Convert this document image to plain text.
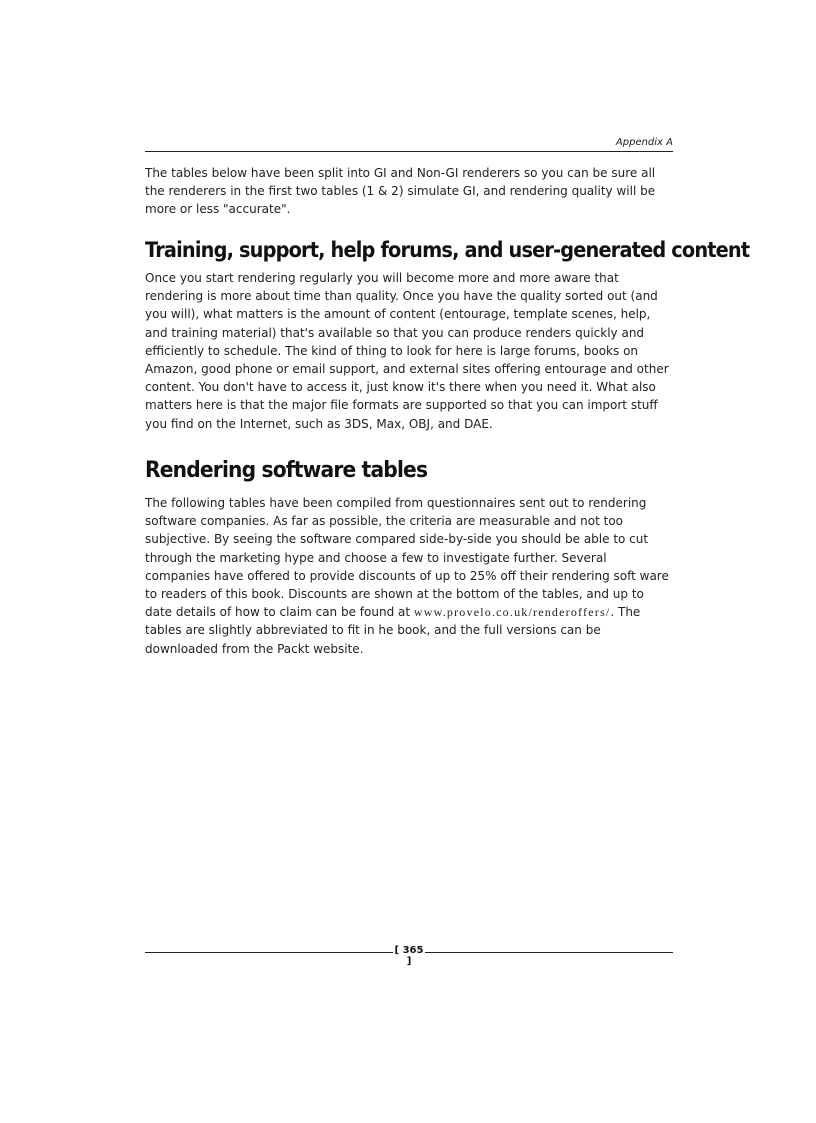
Appendix A

The tables below have been split into GI and Non-GI renderers so you can be sure all the renderers in the first two tables (1 & 2) simulate GI, and rendering quality will be more or less "accurate".

Training, support, help forums, and user-generated content

Once you start rendering regularly you will become more and more aware that rendering is more about time than quality. Once you have the quality sorted out (and you will), what matters is the amount of content (entourage, template scenes, help, and training material) that's available so that you can produce renders quickly and efficiently to schedule. The kind of thing to look for here is large forums, books on Amazon, good phone or email support, and external sites offering entourage and other content. You don't have to access it, just know it's there when you need it. What also matters here is that the major file formats are supported so that you can import stuff you find on the Internet, such as 3DS, Max, OBJ, and DAE.

Rendering software tables

The following tables have been compiled from questionnaires sent out to rendering software companies. As far as possible, the criteria are measurable and not too subjective. By seeing the software compared side-by-side you should be able to cut through the marketing hype and choose a few to investigate further. Several companies have offered to provide discounts of up to 25% off their rendering soft ware to readers of this book. Discounts are shown at the bottom of the tables, and up to date details of how to claim can be found at www.provelo.co.uk/renderoffers/. The tables are slightly abbreviated to fit in he book, and the full versions can be downloaded from the Packt website.

[ 365 ]
